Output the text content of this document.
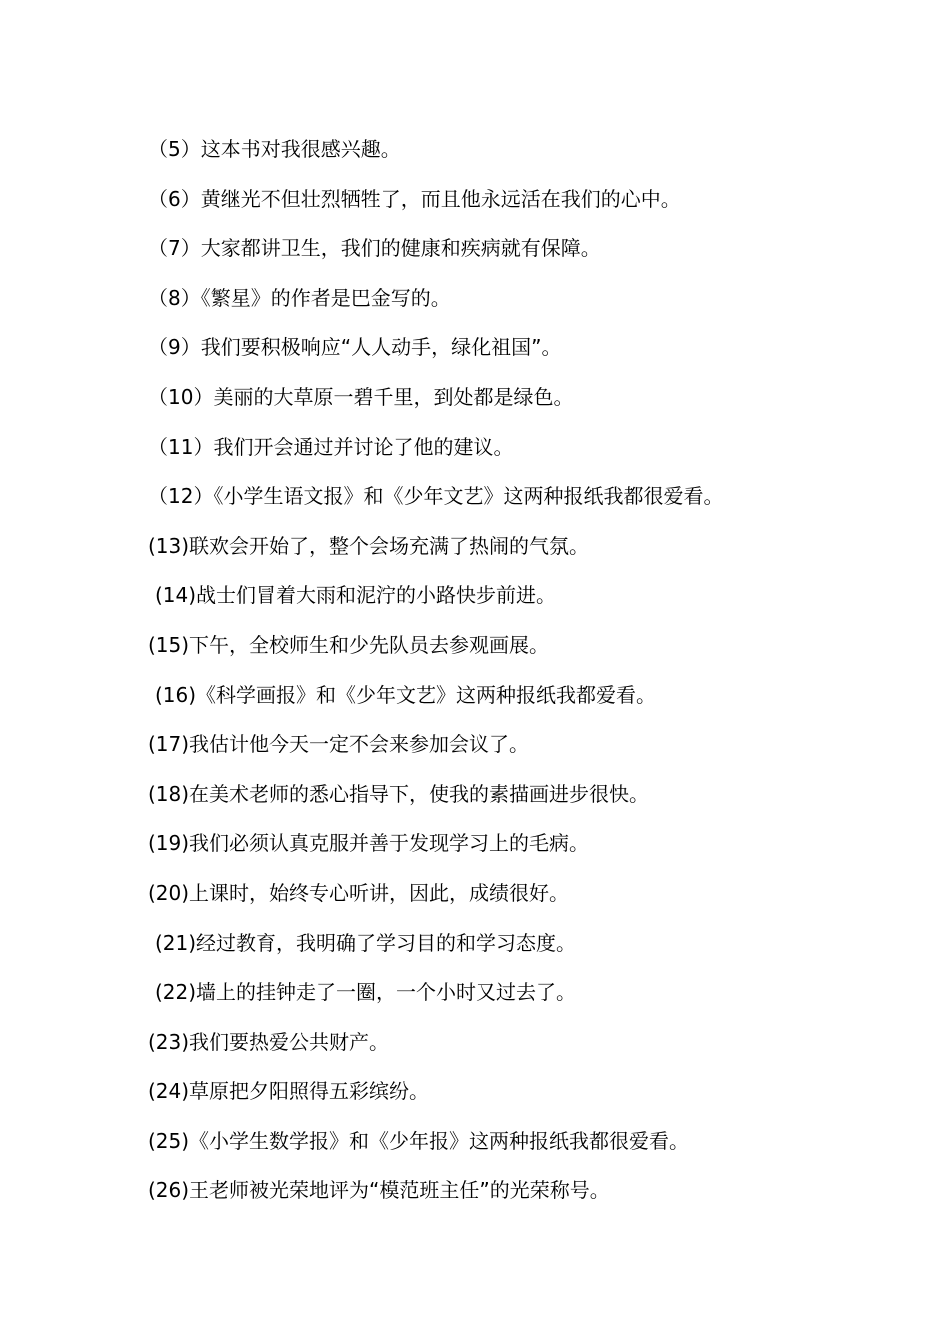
（5）这本书对我很感兴趣。
（6）黄继光不但壮烈牺牲了，而且他永远活在我们的心中。
（7）大家都讲卫生，我们的健康和疾病就有保障。
（8）《繁星》的作者是巴金写的。
（9）我们要积极响应“人人动手，绿化祖国”。
（10）美丽的大草原一碧千里，到处都是绿色。
（11）我们开会通过并讨论了他的建议。
（12）《小学生语文报》和《少年文艺》这两种报纸我都很爱看。
(13)联欢会开始了，整个会场充满了热闹的气氛。
(14)战士们冒着大雨和泥泞的小路快步前进。
(15)下午，全校师生和少先队员去参观画展。
(16)《科学画报》和《少年文艺》这两种报纸我都爱看。
(17)我估计他今天一定不会来参加会议了。
(18)在美术老师的悉心指导下，使我的素描画进步很快。
(19)我们必须认真克服并善于发现学习上的毛病。
(20)上课时，始终专心听讲，因此，成绩很好。
(21)经过教育，我明确了学习目的和学习态度。
(22)墙上的挂钟走了一圈，一个小时又过去了。
(23)我们要热爱公共财产。
(24)草原把夕阳照得五彩缤纷。
(25)《小学生数学报》和《少年报》这两种报纸我都很爱看。
(26)王老师被光荣地评为“模范班主任”的光荣称号。
